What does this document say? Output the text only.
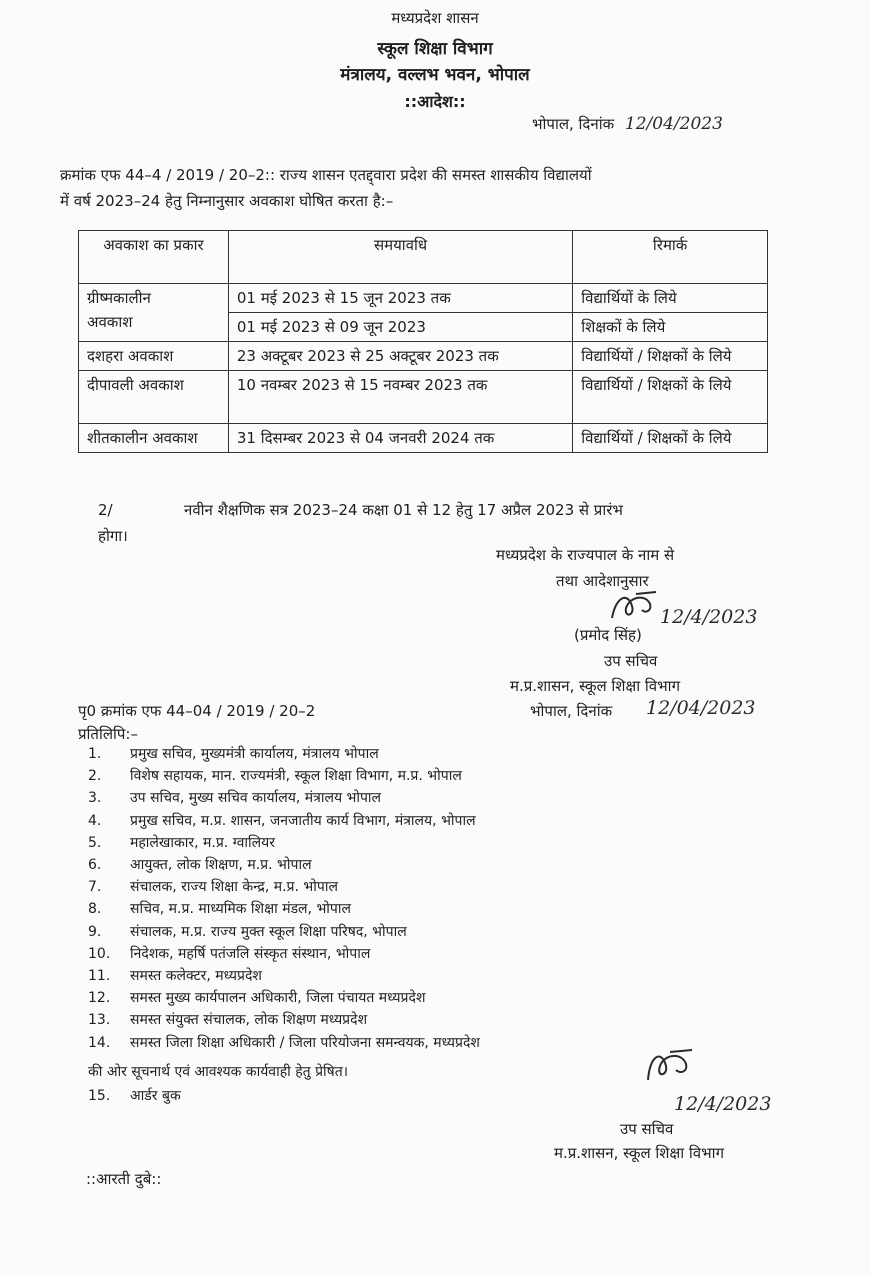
मध्यप्रदेश शासन
स्कूल शिक्षा विभाग
मंत्रालय, वल्लभ भवन, भोपाल
::आदेश::
भोपाल, दिनांक 12/04/2023
क्रमांक एफ 44–4 / 2019 / 20–2:: राज्य शासन एतद्द्वारा प्रदेश की समस्त शासकीय विद्यालयों
में वर्ष 2023–24 हेतु निम्नानुसार अवकाश घोषित करता है:–
अवकाश का प्रकार	समयावधि	रिमार्क

ग्रीष्मकालीन
अवकाश	01 मई 2023 से 15 जून 2023 तक	विद्यार्थियों के लिये
	01 मई 2023 से 09 जून 2023	शिक्षकों के लिये
दशहरा अवकाश	23 अक्टूबर 2023 से 25 अक्टूबर 2023 तक	विद्यार्थियों / शिक्षकों के लिये
दीपावली अवकाश	10 नवम्बर 2023 से 15 नवम्बर 2023 तक	विद्यार्थियों / शिक्षकों के लिये
शीतकालीन अवकाश	31 दिसम्बर 2023 से 04 जनवरी 2024 तक	विद्यार्थियों / शिक्षकों के लिये
2/	नवीन शैक्षणिक सत्र 2023–24 कक्षा 01 से 12 हेतु 17 अप्रैल 2023 से प्रारंभ
होगा।
मध्यप्रदेश के राज्यपाल के नाम से
तथा आदेशानुसार
12/4/2023
(प्रमोद सिंह)
उप सचिव
म.प्र.शासन, स्कूल शिक्षा विभाग
पृ0 क्रमांक एफ 44–04 / 2019 / 20–2	भोपाल, दिनांक 12/04/2023
प्रतिलिपि:–
1. प्रमुख सचिव, मुख्यमंत्री कार्यालय, मंत्रालय भोपाल
2. विशेष सहायक, मान. राज्यमंत्री, स्कूल शिक्षा विभाग, म.प्र. भोपाल
3. उप सचिव, मुख्य सचिव कार्यालय, मंत्रालय भोपाल
4. प्रमुख सचिव, म.प्र. शासन, जनजातीय कार्य विभाग, मंत्रालय, भोपाल
5. महालेखाकार, म.प्र. ग्वालियर
6. आयुक्त, लोक शिक्षण, म.प्र. भोपाल
7. संचालक, राज्य शिक्षा केन्द्र, म.प्र. भोपाल
8. सचिव, म.प्र. माध्यमिक शिक्षा मंडल, भोपाल
9. संचालक, म.प्र. राज्य मुक्त स्कूल शिक्षा परिषद, भोपाल
10. निदेशक, महर्षि पतंजलि संस्कृत संस्थान, भोपाल
11. समस्त कलेक्टर, मध्यप्रदेश
12. समस्त मुख्य कार्यपालन अधिकारी, जिला पंचायत मध्यप्रदेश
13. समस्त संयुक्त संचालक, लोक शिक्षण मध्यप्रदेश
14. समस्त जिला शिक्षा अधिकारी / जिला परियोजना समन्वयक, मध्यप्रदेश
की ओर सूचनार्थ एवं आवश्यक कार्यवाही हेतु प्रेषित।
15. आर्डर बुक	12/4/2023
उप सचिव
म.प्र.शासन, स्कूल शिक्षा विभाग
::आरती दुबे::
